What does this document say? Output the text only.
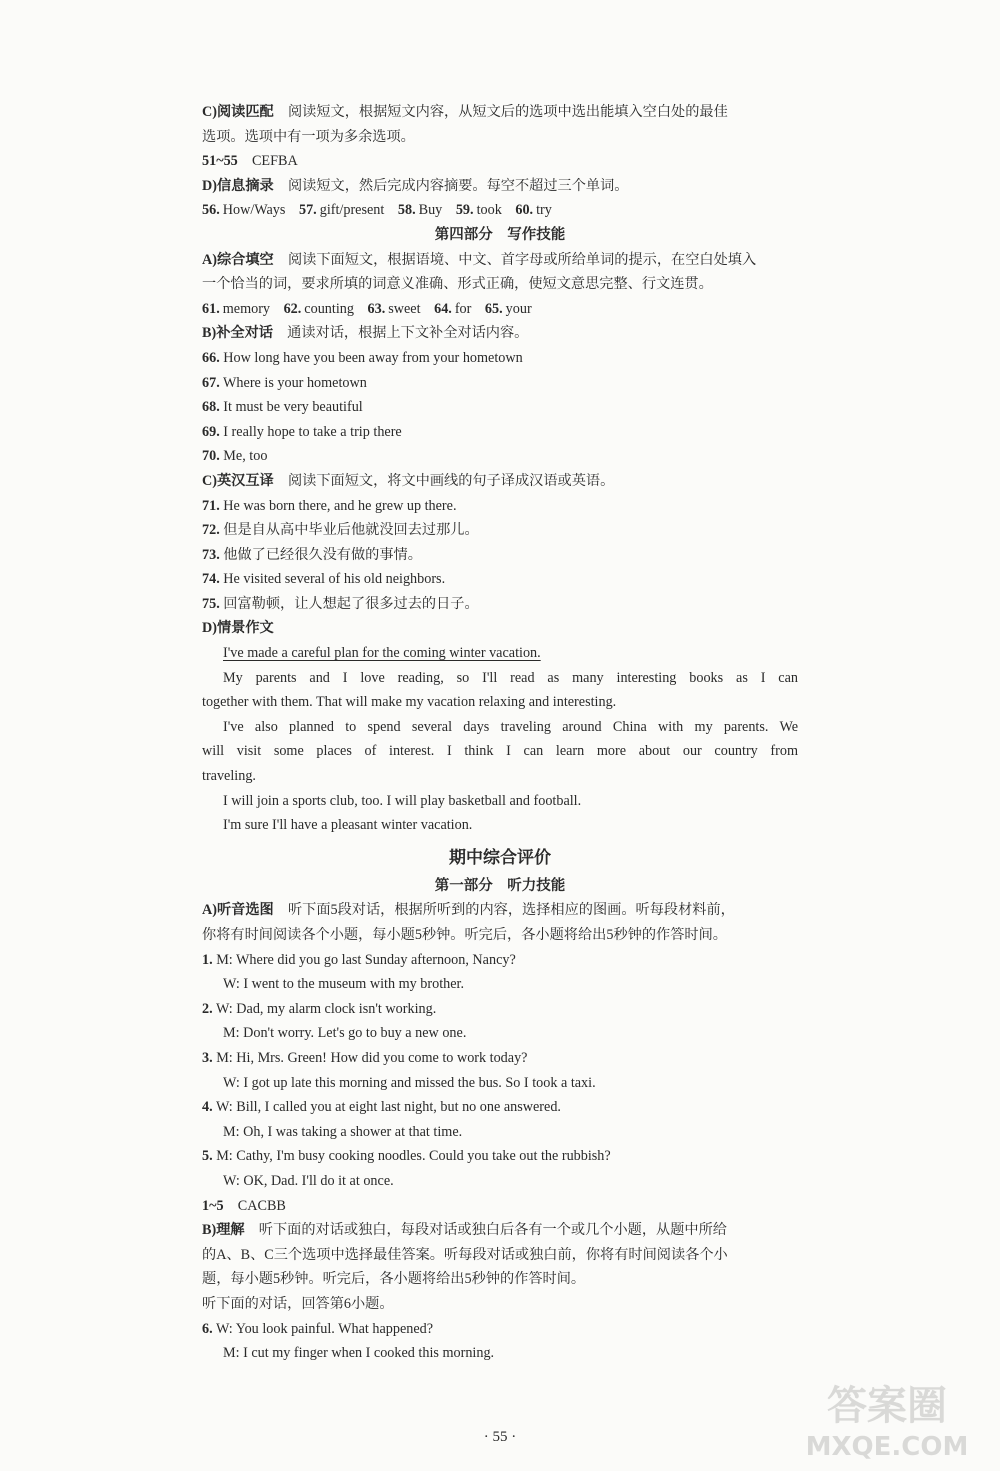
C)阅读匹配　 阅读短文，根据短文内容，从短文后的选项中选出能填入空白处的最佳
选项。选项中有一项为多余选项。
51~55　 CEFBA
D)信息摘录　 阅读短文，然后完成内容摘要。每空不超过三个单词。
56. How/Ways 57. gift/present 58. Buy 59. took 60. try
第四部分　写作技能
A)综合填空　 阅读下面短文，根据语境、中文、首字母或所给单词的提示，在空白处填入
一个恰当的词，要求所填的词意义准确、形式正确，使短文意思完整、行文连贯。
61. memory 62. counting 63. sweet 64. for 65. your
B)补全对话　 通读对话，根据上下文补全对话内容。
66. How long have you been away from your hometown
67. Where is your hometown
68. It must be very beautiful
69. I really hope to take a trip there
70. Me, too
C)英汉互译　 阅读下面短文，将文中画线的句子译成汉语或英语。
71. He was born there, and he grew up there.
72. 但是自从高中毕业后他就没回去过那儿。
73. 他做了已经很久没有做的事情。
74. He visited several of his old neighbors.
75. 回富勒顿，让人想起了很多过去的日子。
D)情景作文
I've made a careful plan for the coming winter vacation.
My parents and I love reading, so I'll read as many interesting books as I can
together with them. That will make my vacation relaxing and interesting.
I've also planned to spend several days traveling around China with my parents. We
will visit some places of interest. I think I can learn more about our country from
traveling.
I will join a sports club, too. I will play basketball and football.
I'm sure I'll have a pleasant winter vacation.
期中综合评价
第一部分　听力技能
A)听音选图　 听下面5段对话，根据所听到的内容，选择相应的图画。听每段材料前，
你将有时间阅读各个小题，每小题5秒钟。听完后，各小题将给出5秒钟的作答时间。
1. M: Where did you go last Sunday afternoon, Nancy?
W: I went to the museum with my brother.
2. W: Dad, my alarm clock isn't working.
M: Don't worry. Let's go to buy a new one.
3. M: Hi, Mrs. Green! How did you come to work today?
W: I got up late this morning and missed the bus. So I took a taxi.
4. W: Bill, I called you at eight last night, but no one answered.
M: Oh, I was taking a shower at that time.
5. M: Cathy, I'm busy cooking noodles. Could you take out the rubbish?
W: OK, Dad. I'll do it at once.
1~5　 CACBB
B)理解　 听下面的对话或独白，每段对话或独白后各有一个或几个小题，从题中所给
的A、B、C三个选项中选择最佳答案。听每段对话或独白前，你将有时间阅读各个小
题，每小题5秒钟。听完后，各小题将给出5秒钟的作答时间。
听下面的对话，回答第6小题。
6. W: You look painful. What happened?
M: I cut my finger when I cooked this morning.
· 55 ·
答案圈
MXQE.COM
